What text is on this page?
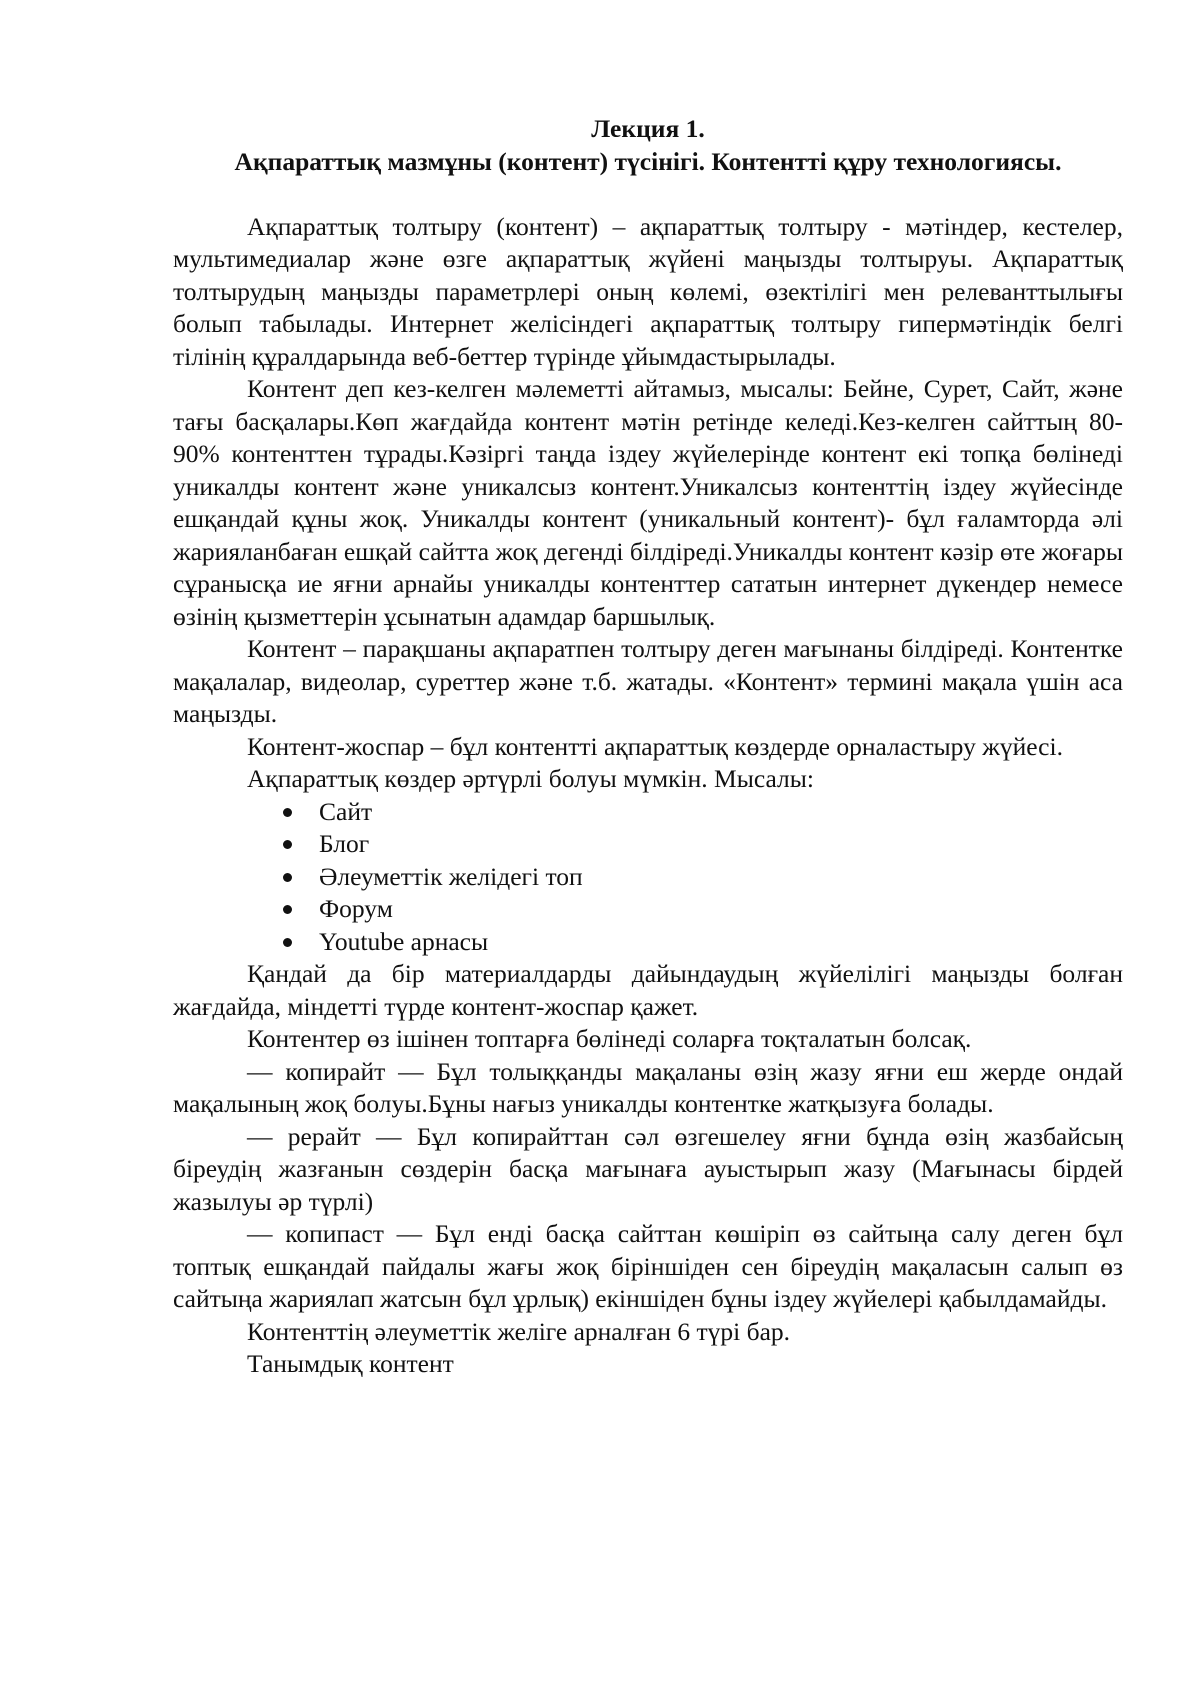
Лекция 1.

Ақпараттық мазмұны (контент) түсінігі. Контентті құру технологиясы.

Ақпараттық толтыру (контент) – ақпараттық толтыру - мәтіндер, кестелер, мультимедиалар және өзге ақпараттық жүйені маңызды толтыруы. Ақпараттық толтырудың маңызды параметрлері оның көлемі, өзектілігі мен релеванттылығы болып табылады. Интернет желісіндегі ақпараттық толтыру гипермәтіндік белгі тілінің құралдарында веб-беттер түрінде ұйымдастырылады.

Контент деп кез-келген мәлеметті айтамыз, мысалы: Бейне, Сурет, Сайт, және тағы басқалары.Көп жағдайда контент мәтін ретінде келеді.Кез-келген сайттың 80-90% контенттен тұрады.Кәзіргі таңда іздеу жүйелерінде контент екі топқа бөлінеді уникалды контент және уникалсыз контент.Уникалсыз контенттің іздеу жүйесінде ешқандай құны жоқ. Уникалды контент (уникальный контент)- бұл ғаламторда әлі жарияланбаған ешқай сайтта жоқ дегенді білдіреді.Уникалды контент кәзір өте жоғары сұранысқа ие яғни арнайы уникалды контенттер сататын интернет дүкендер немесе өзінің қызметтерін ұсынатын адамдар баршылық.

Контент – парақшаны ақпаратпен толтыру деген мағынаны білдіреді. Контентке мақалалар, видеолар, суреттер және т.б. жатады. «Контент» термині мақала үшін аса маңызды.

Контент-жоспар – бұл контентті ақпараттық көздерде орналастыру жүйесі.

Ақпараттық көздер әртүрлі болуы мүмкін. Мысалы:

Сайт
Блог
Әлеуметтік желідегі топ
Форум
Youtube арнасы

Қандай да бір материалдарды дайындаудың жүйелілігі маңызды болған жағдайда, міндетті түрде контент-жоспар қажет.

Контентер өз ішінен топтарға бөлінеді соларға тоқталатын болсақ.

— копирайт — Бұл толыққанды мақаланы өзің жазу яғни еш жерде ондай мақалының жоқ болуы.Бұны нағыз уникалды контентке жатқызуға болады.

— рерайт — Бұл копирайттан сәл өзгешелеу яғни бұнда өзің жазбайсың біреудің жазғанын сөздерін басқа мағынаға ауыстырып жазу (Мағынасы бірдей жазылуы әр түрлі)

— копипаст — Бұл енді басқа сайттан көшіріп өз сайтыңа салу деген бұл топтық ешқандай пайдалы жағы жоқ біріншіден сен біреудің мақаласын салып өз сайтыңа жариялап жатсын бұл ұрлық) екіншіден бұны іздеу жүйелері қабылдамайды.

Контенттің әлеуметтік желіге арналған 6 түрі бар.

Танымдық контент
